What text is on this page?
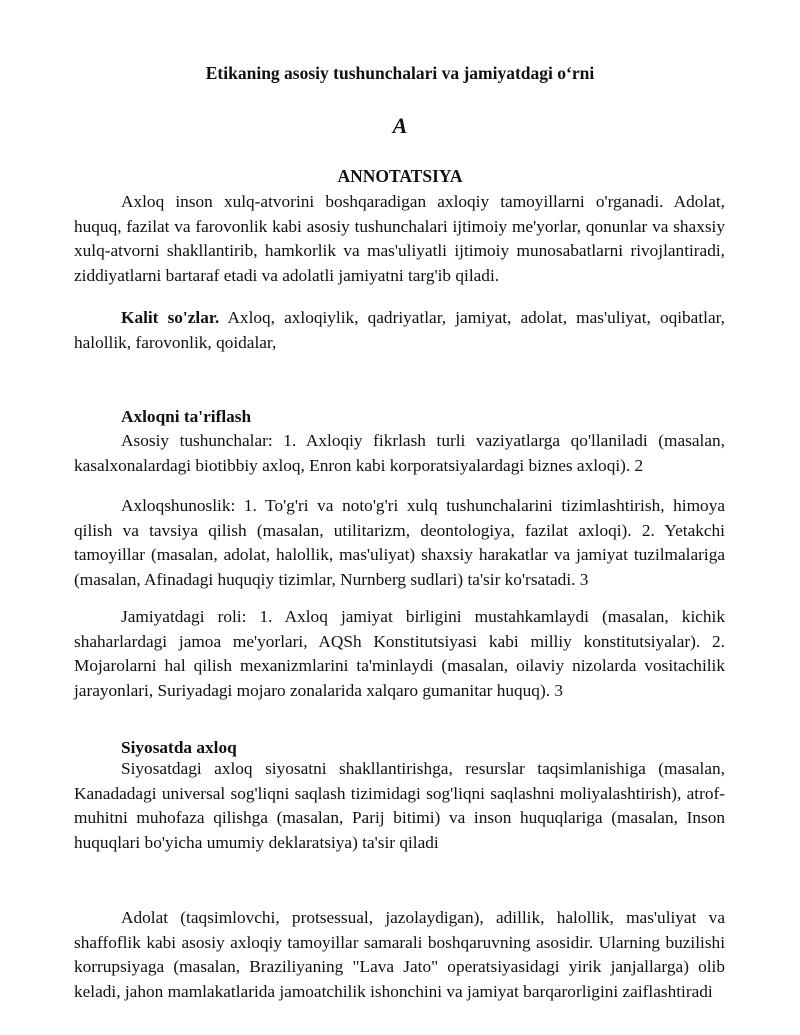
Etikaning asosiy tushunchalari va jamiyatdagi o‘rni
A
ANNOTATSIYA

Axloq inson xulq-atvorini boshqaradigan axloqiy tamoyillarni o'rganadi. Adolat, huquq, fazilat va farovonlik kabi asosiy tushunchalari ijtimoiy me'yorlar, qonunlar va shaxsiy xulq-atvorni shakllantirib, hamkorlik va mas'uliyatli ijtimoiy munosabatlarni rivojlantiradi, ziddiyatlarni bartaraf etadi va adolatli jamiyatni targ'ib qiladi.

Kalit so'zlar. Axloq, axloqiylik, qadriyatlar, jamiyat, adolat, mas'uliyat, oqibatlar, halollik, farovonlik, qoidalar,

Axloqni ta'riflash

Asosiy tushunchalar: 1. Axloqiy fikrlash turli vaziyatlarga qo'llaniladi (masalan, kasalxonalardagi biotibbiy axloq, Enron kabi korporatsiyalardagi biznes axloqi). 2

Axloqshunoslik: 1. To'g'ri va noto'g'ri xulq tushunchalarini tizimlashtirish, himoya qilish va tavsiya qilish (masalan, utilitarizm, deontologiya, fazilat axloqi). 2. Yetakchi tamoyillar (masalan, adolat, halollik, mas'uliyat) shaxsiy harakatlar va jamiyat tuzilmalariga (masalan, Afinadagi huquqiy tizimlar, Nurnberg sudlari) ta'sir ko'rsatadi. 3

Jamiyatdagi roli: 1. Axloq jamiyat birligini mustahkamlaydi (masalan, kichik shaharlardagi jamoa me'yorlari, AQSh Konstitutsiyasi kabi milliy konstitutsiyalar). 2. Mojarolarni hal qilish mexanizmlarini ta'minlaydi (masalan, oilaviy nizolarda vositachilik jarayonlari, Suriyadagi mojaro zonalarida xalqaro gumanitar huquq). 3

Siyosatda axloq

Siyosatdagi axloq siyosatni shakllantirishga, resurslar taqsimlanishiga (masalan, Kanadadagi universal sog'liqni saqlash tizimidagi sog'liqni saqlashni moliyalashtirish), atrof-muhitni muhofaza qilishga (masalan, Parij bitimi) va inson huquqlariga (masalan, Inson huquqlari bo'yicha umumiy deklaratsiya) ta'sir qiladi

Adolat (taqsimlovchi, protsessual, jazolaydigan), adillik, halollik, mas'uliyat va shaffoflik kabi asosiy axloqiy tamoyillar samarali boshqaruvning asosidir. Ularning buzilishi korrupsiyaga (masalan, Braziliyaning "Lava Jato" operatsiyasidagi yirik janjallarga) olib keladi, jahon mamlakatlarida jamoatchilik ishonchini va jamiyat barqarorligini zaiflashtiradi
